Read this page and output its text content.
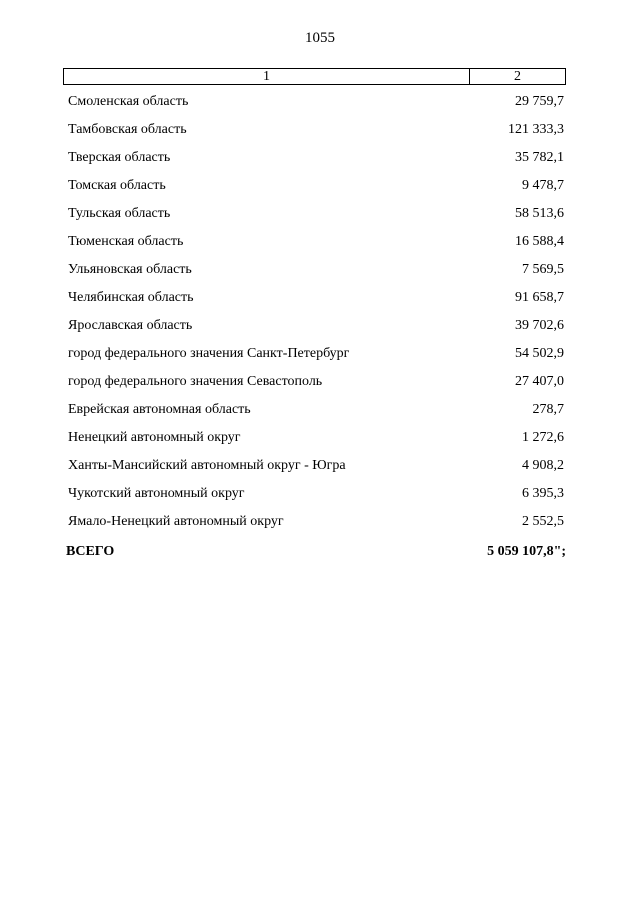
1055
1	2
Смоленская область	29 759,7
Тамбовская область	121 333,3
Тверская область	35 782,1
Томская область	9 478,7
Тульская область	58 513,6
Тюменская область	16 588,4
Ульяновская область	7 569,5
Челябинская область	91 658,7
Ярославская область	39 702,6
город федерального значения Санкт-Петербург	54 502,9
город федерального значения Севастополь	27 407,0
Еврейская автономная область	278,7
Ненецкий автономный округ	1 272,6
Ханты-Мансийский автономный округ - Югра	4 908,2
Чукотский автономный округ	6 395,3
Ямало-Ненецкий автономный округ	2 552,5
ВСЕГО	5 059 107,8";
